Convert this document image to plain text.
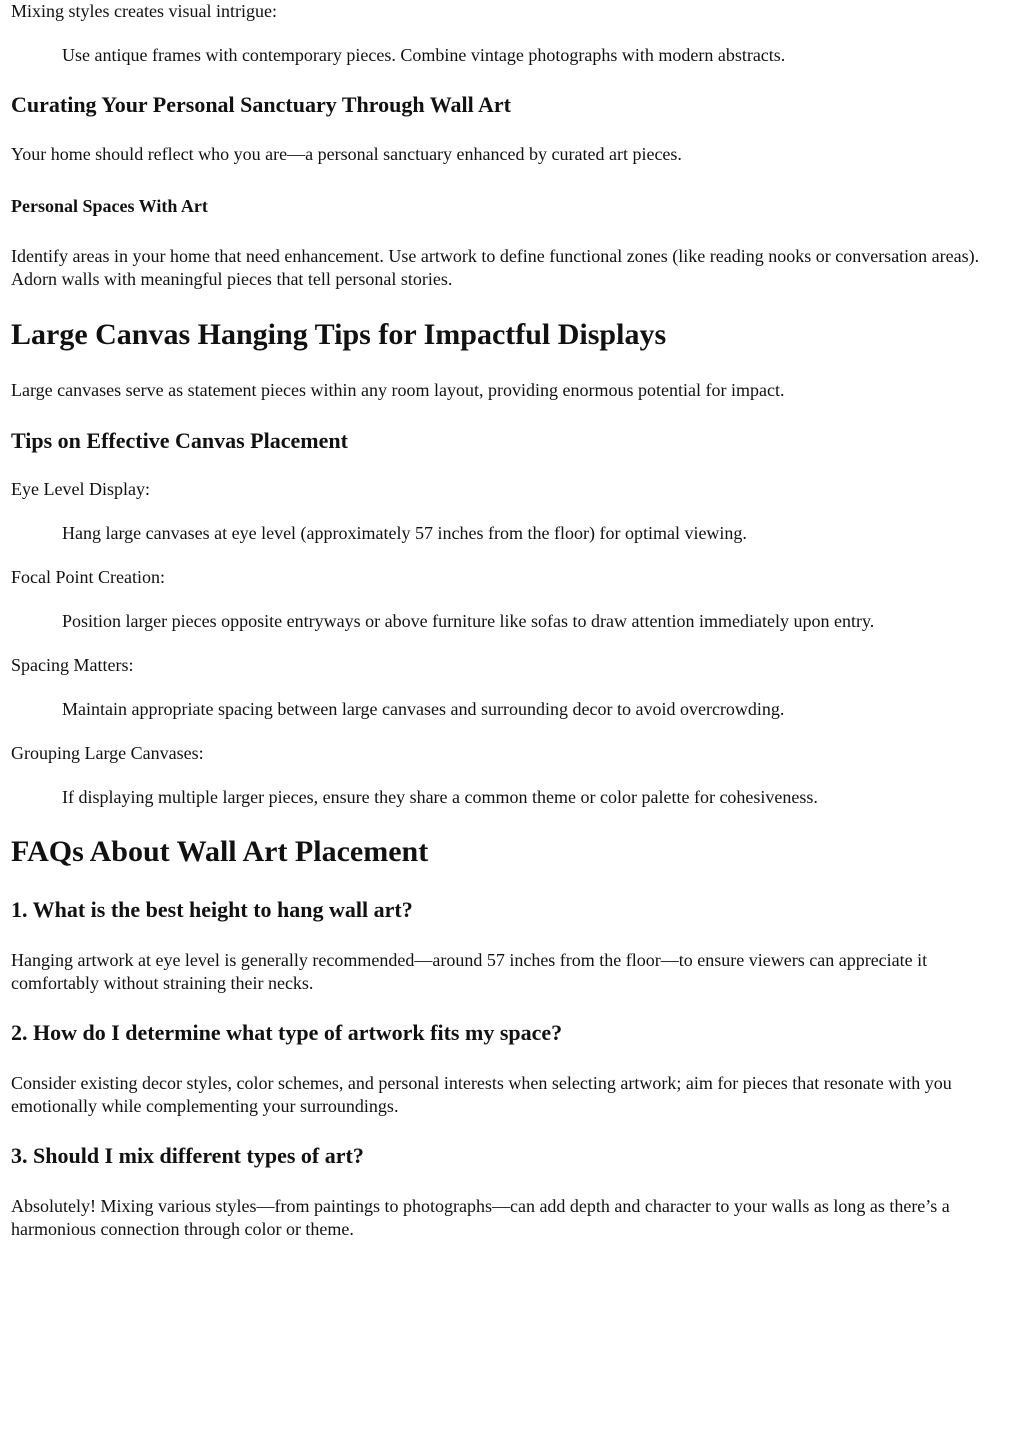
Mixing styles creates visual intrigue:

Use antique frames with contemporary pieces. Combine vintage photographs with modern abstracts.

Curating Your Personal Sanctuary Through Wall Art

Your home should reflect who you are—a personal sanctuary enhanced by curated art pieces.

Personal Spaces With Art

Identify areas in your home that need enhancement. Use artwork to define functional zones (like reading nooks or conversation areas). Adorn walls with meaningful pieces that tell personal stories.

Large Canvas Hanging Tips for Impactful Displays

Large canvases serve as statement pieces within any room layout, providing enormous potential for impact.

Tips on Effective Canvas Placement

Eye Level Display:

Hang large canvases at eye level (approximately 57 inches from the floor) for optimal viewing.

Focal Point Creation:

Position larger pieces opposite entryways or above furniture like sofas to draw attention immediately upon entry.

Spacing Matters:

Maintain appropriate spacing between large canvases and surrounding decor to avoid overcrowding.

Grouping Large Canvases:

If displaying multiple larger pieces, ensure they share a common theme or color palette for cohesiveness.

FAQs About Wall Art Placement
1. What is the best height to hang wall art?

Hanging artwork at eye level is generally recommended—around 57 inches from the floor—to ensure viewers can appreciate it comfortably without straining their necks.

2. How do I determine what type of artwork fits my space?

Consider existing decor styles, color schemes, and personal interests when selecting artwork; aim for pieces that resonate with you emotionally while complementing your surroundings.

3. Should I mix different types of art?

Absolutely! Mixing various styles—from paintings to photographs—can add depth and character to your walls as long as there’s a harmonious connection through color or theme.
